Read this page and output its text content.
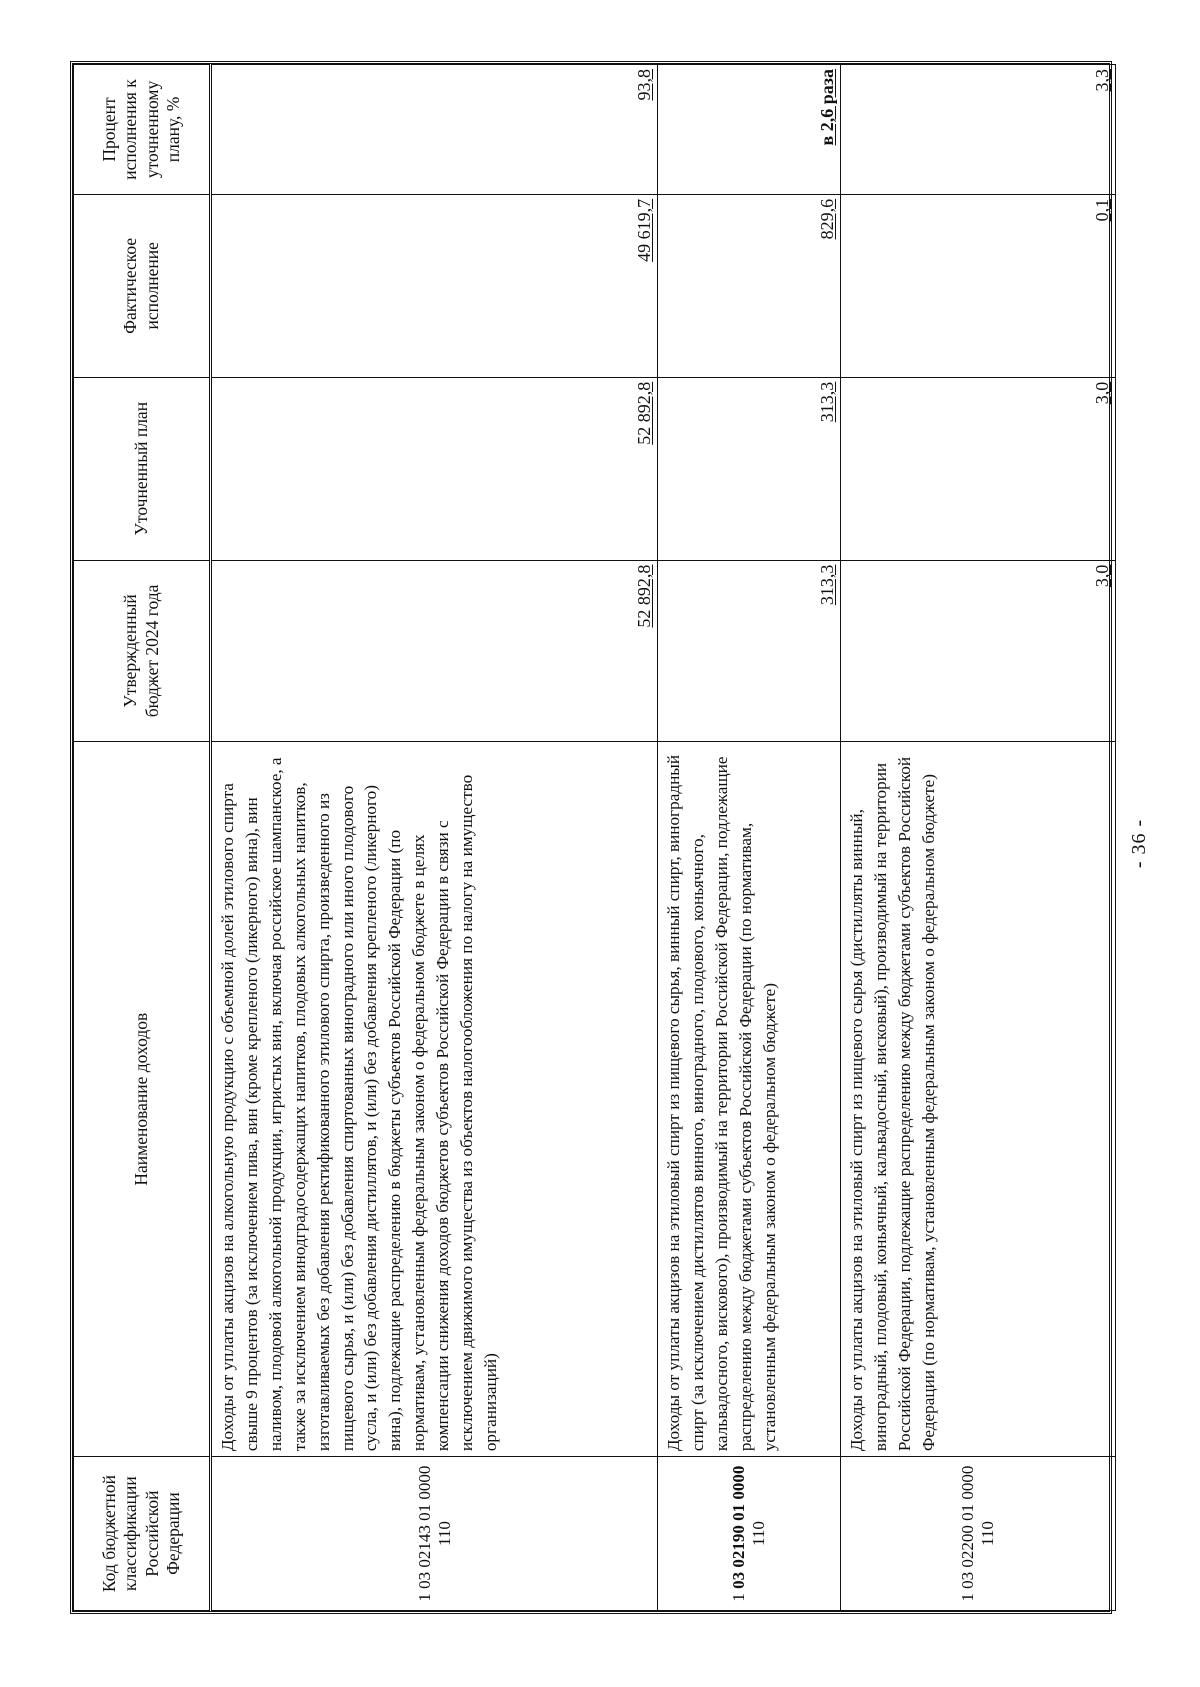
- 36 -
Код бюджетной классификации Российской Федерации	Наименование доходов	Утвержденный бюджет 2024 года	Уточненный план	Фактическое исполнение	Процент исполнения к уточненному плану, %
1 03 02143 01 0000 110	Доходы от уплаты акцизов на алкогольную продукцию с объемной долей этилового спирта свыше 9 процентов (за исключением пива, вин (кроме крепленого (ликерного) вина), вин наливом, плодовой алкогольной продукции, игристых вин, включая российское шампанское, а также за исключением винодградосодержащих напитков, плодовых алкогольных напитков, изготавливаемых без добавления ректификованного этилового спирта, произведенного из пищевого сырья, и (или) без добавления спиртованных виноградного или иного плодового сусла, и (или) без добавления дистиллятов, и (или) без добавления крепленого (ликерного) вина), подлежащие распределению в бюджеты субъектов Российской Федерации (по нормативам, установленным федеральным законом о федеральном бюджете в целях компенсации снижения доходов бюджетов субъектов Российской Федерации в связи с исключением движимого имущества из объектов налогообложения по налогу на имущество организаций)	52 892,8	52 892,8	49 619,7	93,8
1 03 02190 01 0000 110	Доходы от уплаты акцизов на этиловый спирт из пищевого сырья, винный спирт, виноградный спирт (за исключением дистиллятов винного, виноградного, плодового, коньячного, кальвадосного, вискового), производимый на территории Российской Федерации, подлежащие распределению между бюджетами субъектов Российской Федерации (по нормативам, установленным федеральным законом о федеральном бюджете)	313,3	313,3	829,6	в 2,6 раза
1 03 02200 01 0000 110	Доходы от уплаты акцизов на этиловый спирт из пищевого сырья (дистилляты винный, виноградный, плодовый, коньячный, кальвадосный, висковый), производимый на территории Российской Федерации, подлежащие распределению между бюджетами субъектов Российской Федерации (по нормативам, установленным федеральным законом о федеральном бюджете)	3,0	3,0	0,1	3,3
